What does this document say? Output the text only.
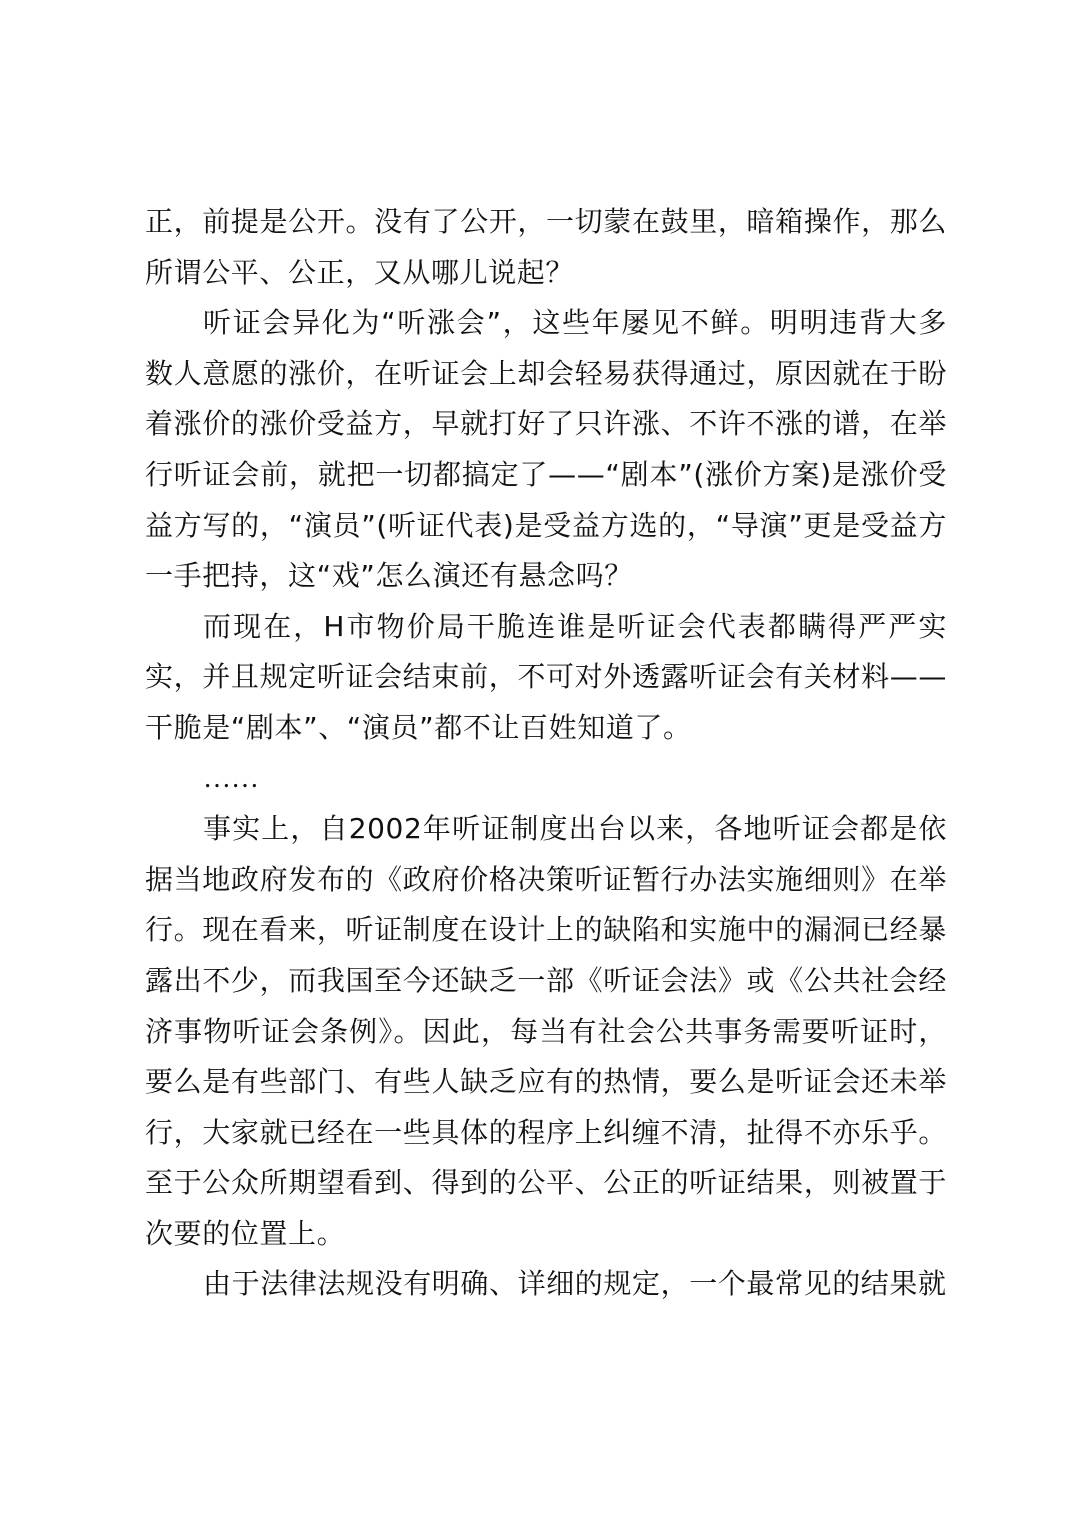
正，前提是公开。没有了公开，一切蒙在鼓里，暗箱操作，那么所谓公平、公正，又从哪儿说起？

听证会异化为“听涨会”，这些年屡见不鲜。明明违背大多数人意愿的涨价，在听证会上却会轻易获得通过，原因就在于盼着涨价的涨价受益方，早就打好了只许涨、不许不涨的谱，在举行听证会前，就把一切都搞定了——“剧本”(涨价方案)是涨价受益方写的，“演员”(听证代表)是受益方选的，“导演”更是受益方一手把持，这“戏”怎么演还有悬念吗？

而现在，H市物价局干脆连谁是听证会代表都瞒得严严实实，并且规定听证会结束前，不可对外透露听证会有关材料——干脆是“剧本”、“演员”都不让百姓知道了。

……

事实上，自2002年听证制度出台以来，各地听证会都是依据当地政府发布的《政府价格决策听证暂行办法实施细则》在举行。现在看来，听证制度在设计上的缺陷和实施中的漏洞已经暴露出不少，而我国至今还缺乏一部《听证会法》或《公共社会经济事物听证会条例》。因此，每当有社会公共事务需要听证时，要么是有些部门、有些人缺乏应有的热情，要么是听证会还未举行，大家就已经在一些具体的程序上纠缠不清，扯得不亦乐乎。至于公众所期望看到、得到的公平、公正的听证结果，则被置于次要的位置上。

由于法律法规没有明确、详细的规定，一个最常见的结果就
